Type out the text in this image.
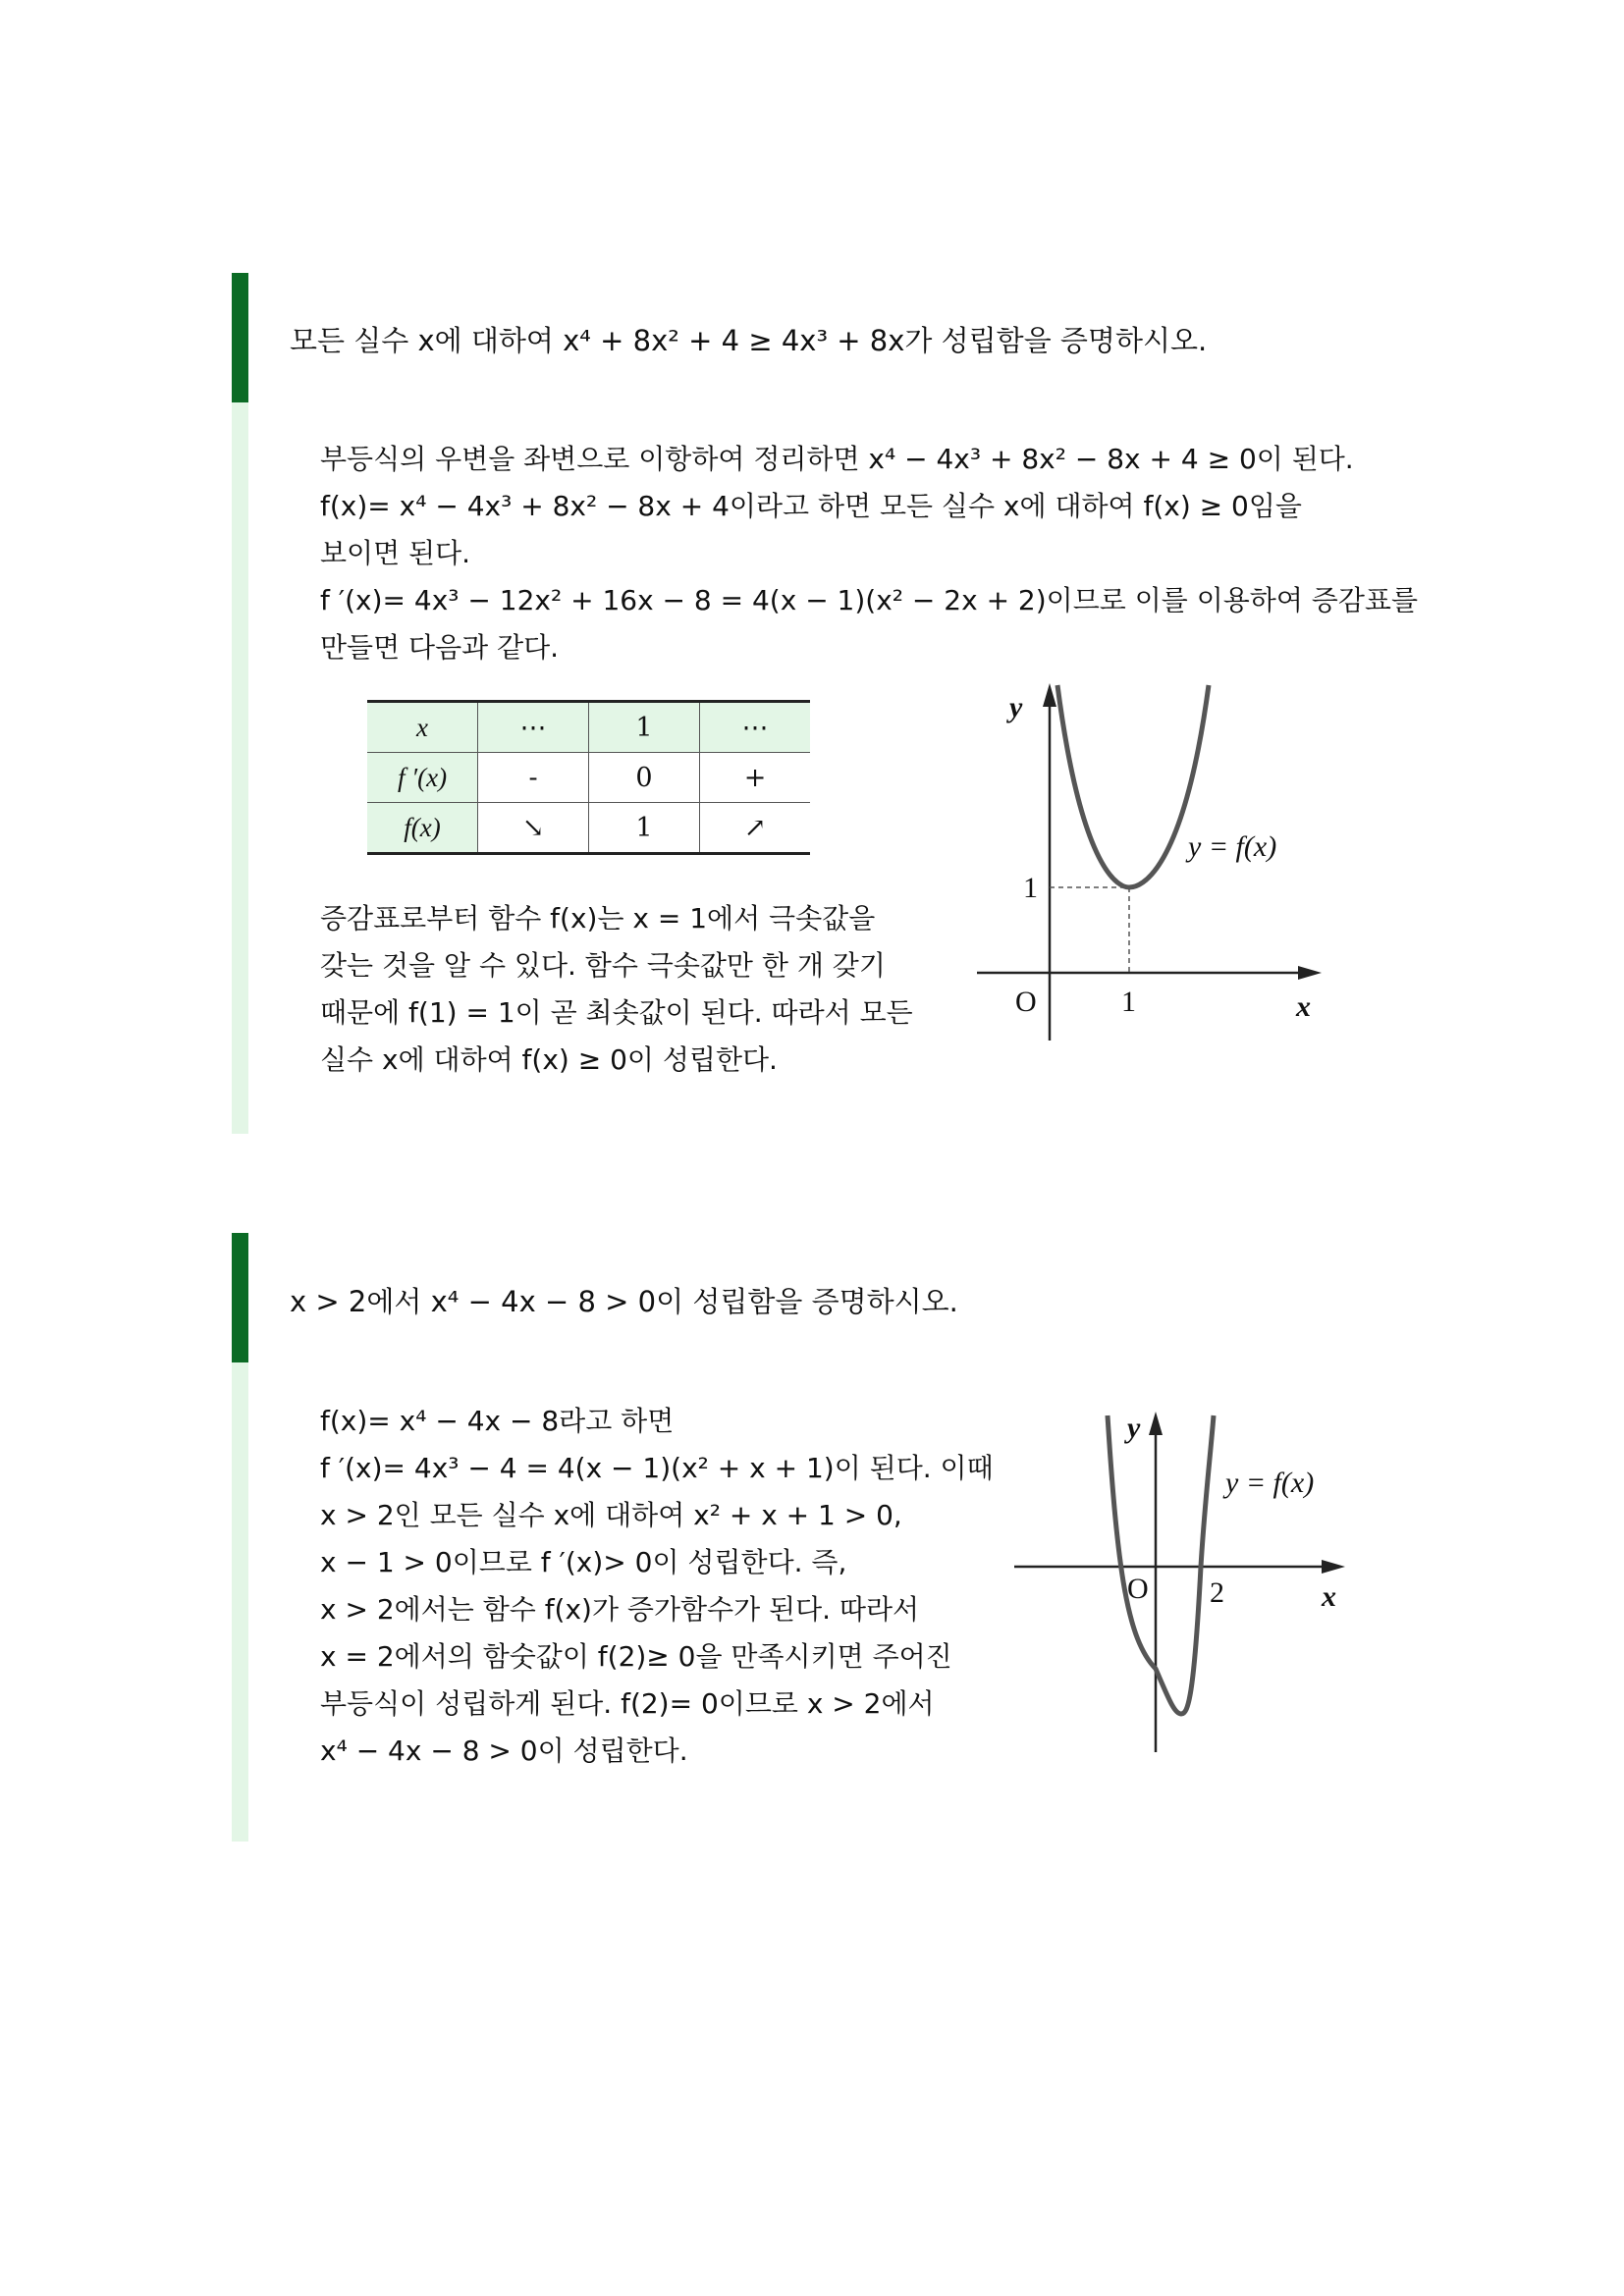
모든 실수 x에 대하여 x⁴ + 8x² + 4 ≥ 4x³ + 8x가 성립함을 증명하시오.

부등식의 우변을 좌변으로 이항하여 정리하면 x⁴ − 4x³ + 8x² − 8x + 4 ≥ 0이 된다.

f(x)= x⁴ − 4x³ + 8x² − 8x + 4이라고 하면 모든 실수 x에 대하여 f(x) ≥ 0임을

보이면 된다.

f ′(x)= 4x³ − 12x² + 16x − 8 = 4(x − 1)(x² − 2x + 2)이므로 이를 이용하여 증감표를

만들면 다음과 같다.

x	⋯	1	⋯
f ′(x)	-	0	+
f(x)	↘	1	↗

증감표로부터 함수 f(x)는 x = 1에서 극솟값을

갖는 것을 알 수 있다. 함수 극솟값만 한 개 갖기

때문에 f(1) = 1이 곧 최솟값이 된다. 따라서 모든

실수 x에 대하여 f(x) ≥ 0이 성립한다.

y
x
O	1
1
y = f(x)
x > 2에서 x⁴ − 4x − 8 > 0이 성립함을 증명하시오.

f(x)= x⁴ − 4x − 8라고 하면

f ′(x)= 4x³ − 4 = 4(x − 1)(x² + x + 1)이 된다. 이때

x > 2인 모든 실수 x에 대하여 x² + x + 1 > 0,

x − 1 > 0이므로 f ′(x)> 0이 성립한다. 즉,

x > 2에서는 함수 f(x)가 증가함수가 된다. 따라서

x = 2에서의 함숫값이 f(2)≥ 0을 만족시키면 주어진

부등식이 성립하게 된다. f(2)= 0이므로 x > 2에서

x⁴ − 4x − 8 > 0이 성립한다.

y
x
O 2
y = f(x)
